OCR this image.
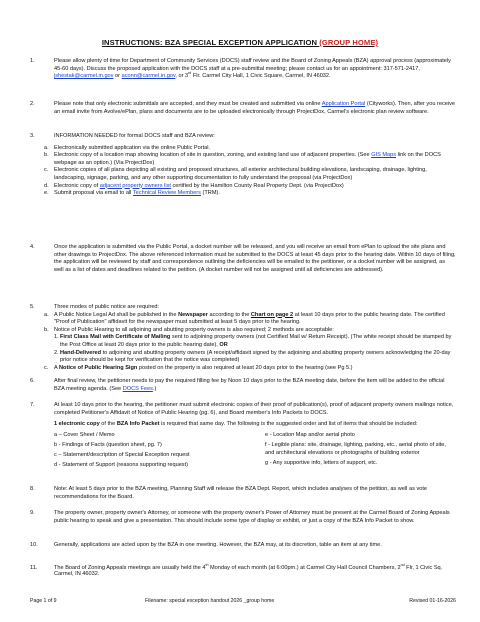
INSTRUCTIONS: BZA SPECIAL EXCEPTION APPLICATION (GROUP HOME)
1.	Please allow plenty of time for Department of Community Services (DOCS) staff review and the Board of Zoning Appeals (BZA) approval process (approximately 45-60 days). Discuss the proposed application with the DOCS staff at a pre-submittal meeting; please contact us for an appointment: 317-571-2417, jshestak@carmel.in.gov or aconn@carmel.in.gov, or 3rd Flr. Carmel City Hall, 1 Civic Square, Carmel, IN 46032.
2.	Please note that only electronic submittals are accepted, and they must be created and submitted via online Application Portal (Cityworks). Then, after you receive an email invite from Avolve/ePlan, plans and documents are to be uploaded electronically through ProjectDox, Carmel's electronic plan review software.
3.	INFORMATION NEEDED for formal DOCS staff and BZA review:
a. Electronically submitted application via the online Public Portal.
b. Electronic copy of a location map showing location of site in question, zoning, and existing land use of adjacent properties. (See GIS Maps link on the DOCS webpage as an option.) (Via ProjectDox)
c. Electronic copies of all plans depicting all existing and proposed structures, all exterior architectural building elevations, landscaping, drainage, lighting, landscaping, signage, parking, and any other supporting documentation to fully understand the proposal (via ProjectDox)
d. Electronic copy of adjacent property owners list certified by the Hamilton County Real Property Dept. (via ProjectDox)
e. Submit proposal via email to all Technical Review Members (TRM).
4.	Once the application is submitted via the Public Portal, a docket number will be released, and you will receive an email from ePlan to upload the site plans and other drawings to ProjectDox. The above referenced information must be submitted to the DOCS at least 45 days prior to the hearing date. Within 10 days of filing, the application will be reviewed by staff and correspondence outlining the deficiencies will be emailed to the petitioner, or a docket number will be assigned, as well as a list of dates and deadlines related to the petition. (A docket number will not be assigned until all deficiencies are addressed).
5.	Three modes of public notice are required:
a. A Public Notice Legal Ad shall be published in the Newspaper according to the Chart on page 2 at least 10 days prior to the public hearing date. The certified "Proof of Publication" affidavit for the newspaper must submitted at least 5 days prior to the hearing.
b. Notice of Public Hearing to all adjoining and abutting property owners is also required; 2 methods are acceptable:
1. First Class Mail with Certificate of Mailing sent to adjoining property owners (not Certified Mail w/ Return Receipt). (The white receipt should be stamped by the Post Office at least 20 days prior to the public hearing date), OR
2. Hand-Delivered to adjoining and abutting property owners (A receipt/affidavit signed by the adjoining and abutting property owners acknowledging the 20-day prior notice should be kept for verification that the notice was completed)
c. A Notice of Public Hearing Sign posted on the property is also required at least 20 days prior to the hearing (see Pg 5.)
6.	After final review, the petitioner needs to pay the required filling fee by Noon 10 days prior to the BZA meeting date, before the item will be added to the official BZA meeting agenda. (See DOCS Fees.)
7.	At least 10 days prior to the hearing, the petitioner must submit electronic copies of their proof of publication(s), proof of adjacent property owners mailings notice, completed Petitioner's Affidavit of Notice of Public Hearing (pg. 6), and Board member's Info Packets to DOCS.
1 electronic copy of the BZA Info Packet is required that same day. The following is the suggested order and list of items that should be included:

a – Cover Sheet / Memo

b - Findings of Facts (question sheet, pg. 7)

c – Statement/description of Special Exception request

d - Statement of Support (reasons supporting request)

e - Location Map and/or aerial photo

f - Legible plans: site, drainage, lighting, parking, etc., aerial photo of site, and architectural elevations or photographs of building exterior

g - Any supportive info, letters of support, etc.

8.	Note: At least 5 days prior to the BZA meeting, Planning Staff will release the BZA Dept. Report, which includes analyses of the petition, as well as vote recommendations for the Board.
9.	The property owner, property owner's Attorney, or someone with the property owner's Power of Attorney must be present at the Carmel Board of Zoning Appeals public hearing to speak and give a presentation. This should include some type of display or exhibit, or just a copy of the BZA Info Packet to show.
10.	Generally, applications are acted upon by the BZA in one meeting. However, the BZA may, at its discretion, table an item at any time.
11.	The Board of Zoning Appeals meetings are usually held the 4th Monday of each month (at 6:00pm.) at Carmel City Hall Council Chambers, 2nd Flr, 1 Civic Sq. Carmel, IN 46032.
Page 1 of 9	Filename: special exception handout 2026 _group home	Revised 01-16-2026
